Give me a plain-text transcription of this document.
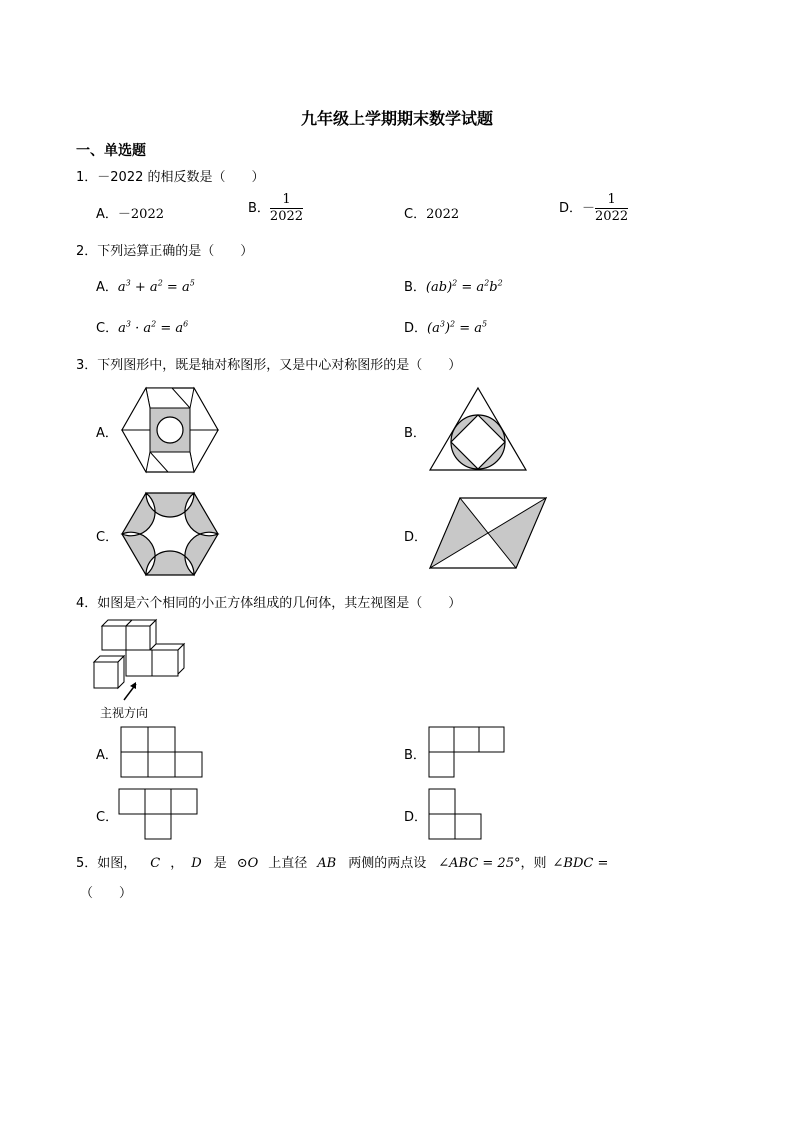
九年级上学期期末数学试题
一、单选题
1．－2022 的相反数是（　　）
A．－2022	B． $\frac{1}{2022}$	C．2022	D．－ $\frac{1}{2022}$
2．下列运算正确的是（　　）
A．$a^3 + a^2 = a^5$	B．$(ab)^2 = a^2b^2$
C．$a^3 \cdot a^2 = a^6$	D．$(a^3)^2 = a^5$
3．下列图形中，既是轴对称图形，又是中心对称图形的是（　　）
A．	B．
C．	D．
4．如图是六个相同的小正方体组成的几何体，其左视图是（　　）
主视方向
A．	B．
C．	D．
5．如图， C ， D 是 ⊙O 上直径 AB 两侧的两点设 ∠ABC = 25°，则 ∠BDC =
（　　）
